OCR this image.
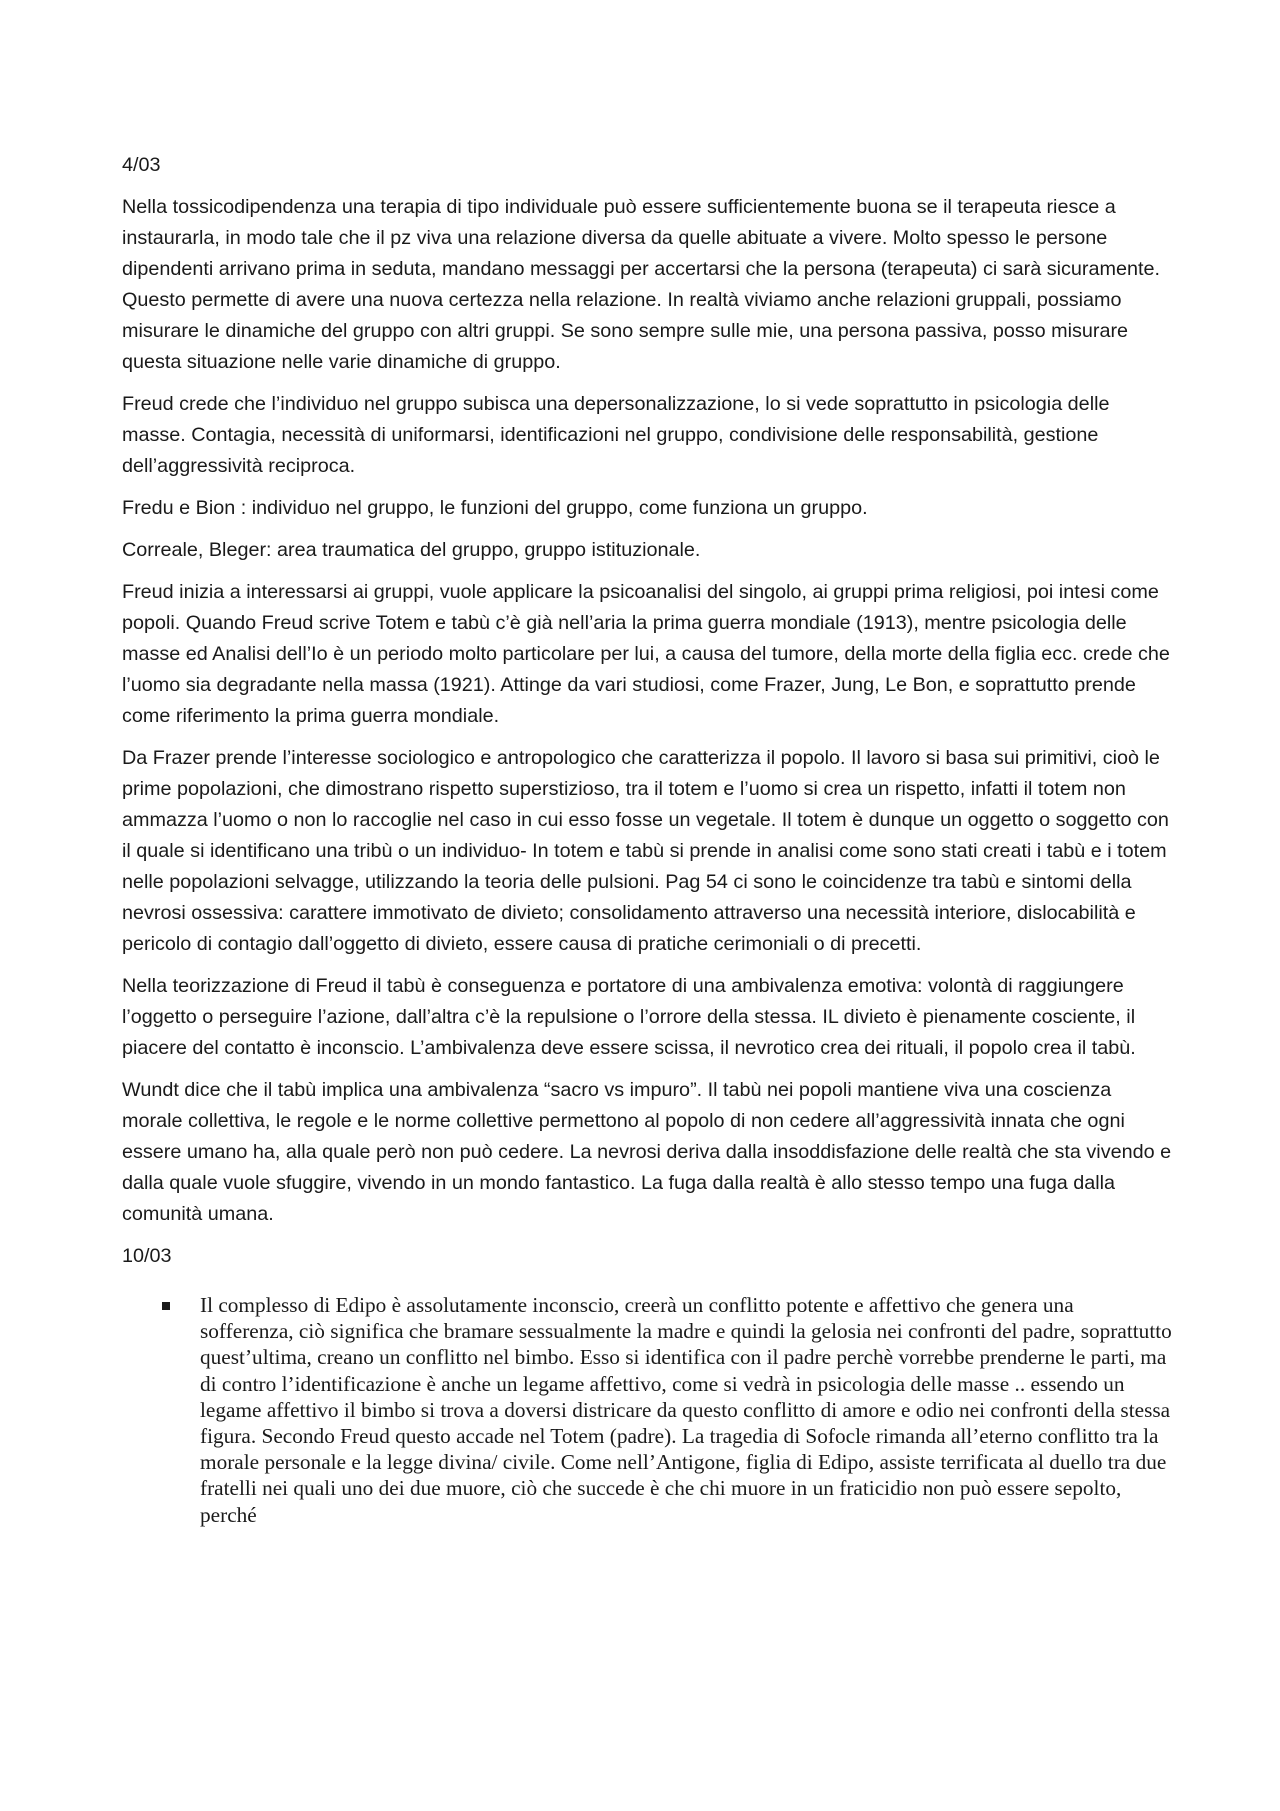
4/03

Nella tossicodipendenza una terapia di tipo individuale può essere sufficientemente buona se il terapeuta riesce a instaurarla, in modo tale che il pz viva una relazione diversa da quelle abituate a vivere. Molto spesso le persone dipendenti arrivano prima in seduta, mandano messaggi per accertarsi che la persona (terapeuta) ci sarà sicuramente. Questo permette di avere una nuova certezza nella relazione. In realtà viviamo anche relazioni gruppali, possiamo misurare le dinamiche del gruppo con altri gruppi. Se sono sempre sulle mie, una persona passiva, posso misurare questa situazione nelle varie dinamiche di gruppo.

Freud crede che l’individuo nel gruppo subisca una depersonalizzazione, lo si vede soprattutto in psicologia delle masse. Contagia, necessità di uniformarsi, identificazioni nel gruppo, condivisione delle responsabilità, gestione dell’aggressività reciproca.

Fredu e Bion : individuo nel gruppo, le funzioni del gruppo, come funziona un gruppo.

Correale, Bleger: area traumatica del gruppo, gruppo istituzionale.

Freud inizia a interessarsi ai gruppi, vuole applicare la psicoanalisi del singolo, ai gruppi prima religiosi, poi intesi come popoli. Quando Freud scrive Totem e tabù c’è già nell’aria la prima guerra mondiale (1913), mentre psicologia delle masse ed Analisi dell’Io è un periodo molto particolare per lui, a causa del tumore, della morte della figlia ecc. crede che l’uomo sia degradante nella massa (1921). Attinge da vari studiosi, come Frazer, Jung, Le Bon, e soprattutto prende come riferimento la prima guerra mondiale.

Da Frazer prende l’interesse sociologico e antropologico che caratterizza il popolo. Il lavoro si basa sui primitivi, cioò le prime popolazioni, che dimostrano rispetto superstizioso, tra il totem e l’uomo si crea un rispetto, infatti il totem non ammazza l’uomo o non lo raccoglie nel caso in cui esso fosse un vegetale. Il totem è dunque un oggetto o soggetto con il quale si identificano una tribù o un individuo- In totem e tabù si prende in analisi come sono stati creati i tabù e i totem nelle popolazioni selvagge, utilizzando la teoria delle pulsioni. Pag 54 ci sono le coincidenze tra tabù e sintomi della nevrosi ossessiva: carattere immotivato de divieto; consolidamento attraverso una necessità interiore, dislocabilità e pericolo di contagio dall’oggetto di divieto, essere causa di pratiche cerimoniali o di precetti.

Nella teorizzazione di Freud il tabù è conseguenza e portatore di una ambivalenza emotiva: volontà di raggiungere l’oggetto o perseguire l’azione, dall’altra c’è la repulsione o l’orrore della stessa. IL divieto è pienamente cosciente, il piacere del contatto è inconscio. L’ambivalenza deve essere scissa, il nevrotico crea dei rituali, il popolo crea il tabù.

Wundt dice che il tabù implica una ambivalenza “sacro vs impuro”. Il tabù nei popoli mantiene viva una coscienza morale collettiva, le regole e le norme collettive permettono al popolo di non cedere all’aggressività innata che ogni essere umano ha, alla quale però non può cedere. La nevrosi deriva dalla insoddisfazione delle realtà che sta vivendo e dalla quale vuole sfuggire, vivendo in un mondo fantastico. La fuga dalla realtà è allo stesso tempo una fuga dalla comunità umana.

10/03
Il complesso di Edipo è assolutamente inconscio, creerà un conflitto potente e affettivo che genera una sofferenza, ciò significa che bramare sessualmente la madre e quindi la gelosia nei confronti del padre, soprattutto quest’ultima, creano un conflitto nel bimbo. Esso si identifica con il padre perchè vorrebbe prenderne le parti, ma di contro l’identificazione è anche un legame affettivo, come si vedrà in psicologia delle masse .. essendo un legame affettivo il bimbo si trova a doversi districare da questo conflitto di amore e odio nei confronti della stessa figura. Secondo Freud questo accade nel Totem (padre). La tragedia di Sofocle rimanda all’eterno conflitto tra la morale personale e la legge divina/ civile. Come nell’Antigone, figlia di Edipo, assiste terrificata al duello tra due fratelli nei quali uno dei due muore, ciò che succede è che chi muore in un fraticidio non può essere sepolto, perché
